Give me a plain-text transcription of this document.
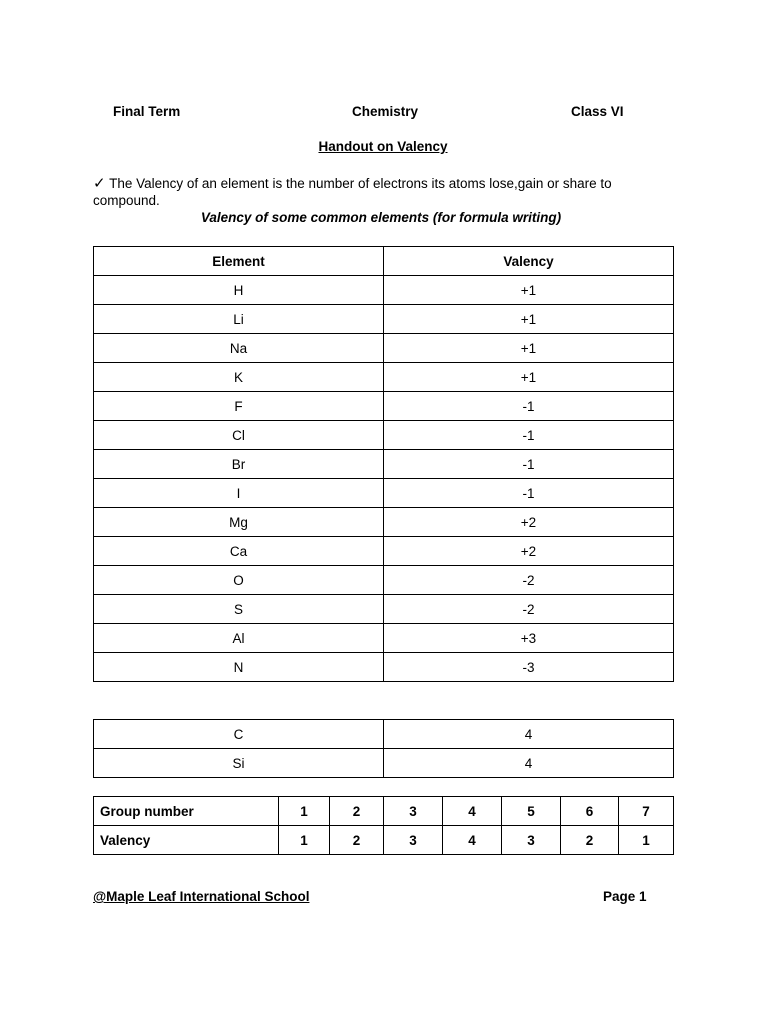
Final Term	Chemistry	Class VI
Handout on Valency
✓ The Valency of an element is the number of electrons its atoms lose,gain or share to
compound.
Valency of some common elements (for formula writing)
Element	Valency
H	+1
Li	+1
Na	+1
K	+1
F	-1
Cl	-1
Br	-1
I	-1
Mg	+2
Ca	+2
O	-2
S	-2
Al	+3
N	-3
C	4
Si	4
Group number	1	2	3	4	5	6	7
Valency	1	2	3	4	3	2	1
@Maple Leaf International School	Page 1
